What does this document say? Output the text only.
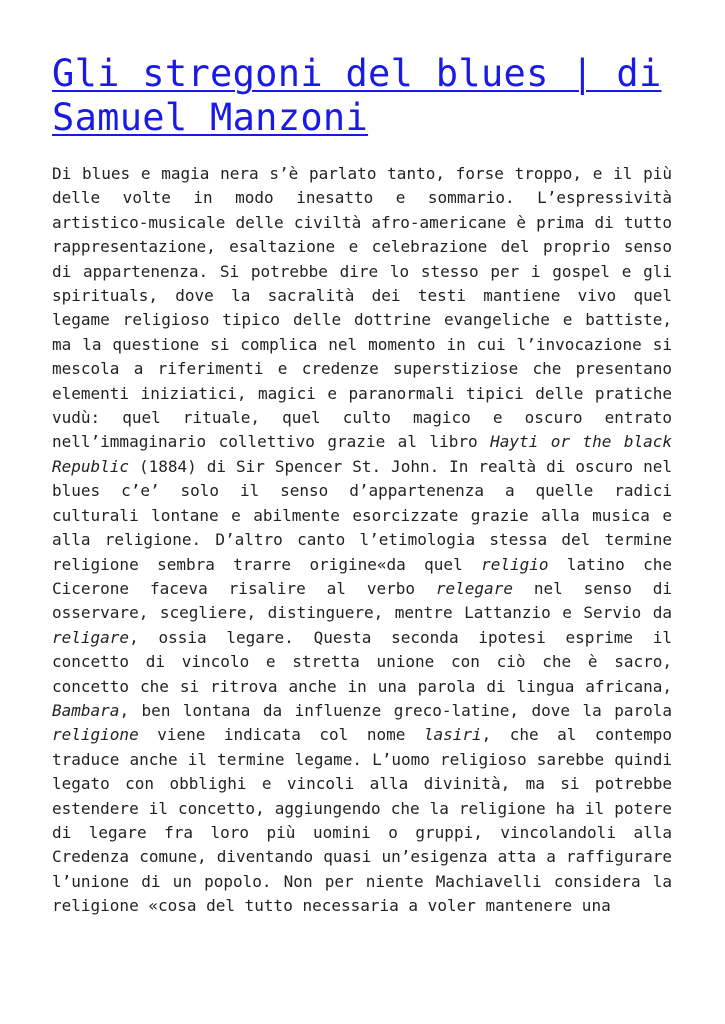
Gli stregoni del blues | di Samuel Manzoni

Di blues e magia nera s’è parlato tanto, forse troppo, e il più delle volte in modo inesatto e sommario. L’espressività artistico-musicale delle civiltà afro-americane è prima di tutto rappresentazione, esaltazione e celebrazione del proprio senso di appartenenza. Si potrebbe dire lo stesso per i gospel e gli spirituals, dove la sacralità dei testi mantiene vivo quel legame religioso tipico delle dottrine evangeliche e battiste, ma la questione si complica nel momento in cui l’invocazione si mescola a riferimenti e credenze superstiziose che presentano elementi iniziatici, magici e paranormali tipici delle pratiche vudù: quel rituale, quel culto magico e oscuro entrato nell’immaginario collettivo grazie al libro Hayti or the black Republic (1884) di Sir Spencer St. John. In realtà di oscuro nel blues c’e’ solo il senso d’appartenenza a quelle radici culturali lontane e abilmente esorcizzate grazie alla musica e alla religione. D’altro canto l’etimologia stessa del termine religione sembra trarre origine«da quel religio latino che Cicerone faceva risalire al verbo relegare nel senso di osservare, scegliere, distinguere, mentre Lattanzio e Servio da religare, ossia legare. Questa seconda ipotesi esprime il concetto di vincolo e stretta unione con ciò che è sacro, concetto che si ritrova anche in una parola di lingua africana, Bambara, ben lontana da influenze greco-latine, dove la parola religione viene indicata col nome lasiri, che al contempo traduce anche il termine legame. L’uomo religioso sarebbe quindi legato con obblighi e vincoli alla divinità, ma si potrebbe estendere il concetto, aggiungendo che la religione ha il potere di legare fra loro più uomini o gruppi, vincolandoli alla Credenza comune, diventando quasi un’esigenza atta a raffigurare l’unione di un popolo. Non per niente Machiavelli considera la religione «cosa del tutto necessaria a voler mantenere una
